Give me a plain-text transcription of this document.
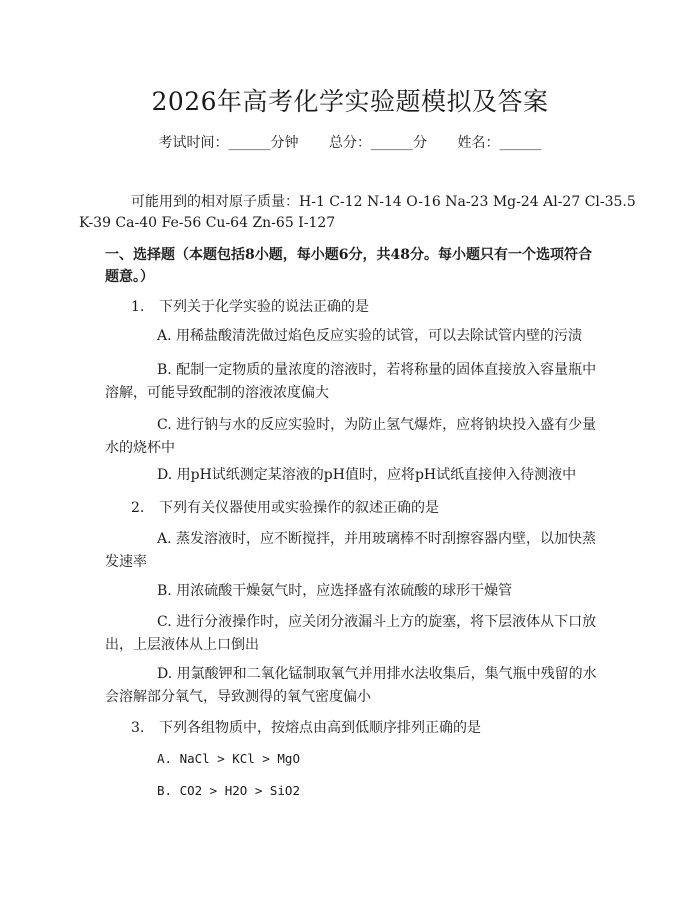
2026年高考化学实验题模拟及答案
考试时间：______分钟 总分：______分 姓名：______
可能用到的相对原子质量：H-1 C-12 N-14 O-16 Na-23 Mg-24 Al-27 Cl-35.5
K-39 Ca-40 Fe-56 Cu-64 Zn-65 I-127
一、选择题（本题包括8小题，每小题6分，共48分。每小题只有一个选项符合题意。）
1. 下列关于化学实验的说法正确的是
A. 用稀盐酸清洗做过焰色反应实验的试管，可以去除试管内壁的污渍
B. 配制一定物质的量浓度的溶液时，若将称量的固体直接放入容量瓶中溶解，可能导致配制的溶液浓度偏大
C. 进行钠与水的反应实验时，为防止氢气爆炸，应将钠块投入盛有少量水的烧杯中
D. 用pH试纸测定某溶液的pH值时，应将pH试纸直接伸入待测液中
2. 下列有关仪器使用或实验操作的叙述正确的是
A. 蒸发溶液时，应不断搅拌，并用玻璃棒不时刮擦容器内壁，以加快蒸发速率
B. 用浓硫酸干燥氨气时，应选择盛有浓硫酸的球形干燥管
C. 进行分液操作时，应关闭分液漏斗上方的旋塞，将下层液体从下口放出，上层液体从上口倒出
D. 用氯酸钾和二氧化锰制取氧气并用排水法收集后，集气瓶中残留的水会溶解部分氧气，导致测得的氧气密度偏小
3. 下列各组物质中，按熔点由高到低顺序排列正确的是
A. NaCl > KCl > MgO
B. CO2 > H2O > SiO2
